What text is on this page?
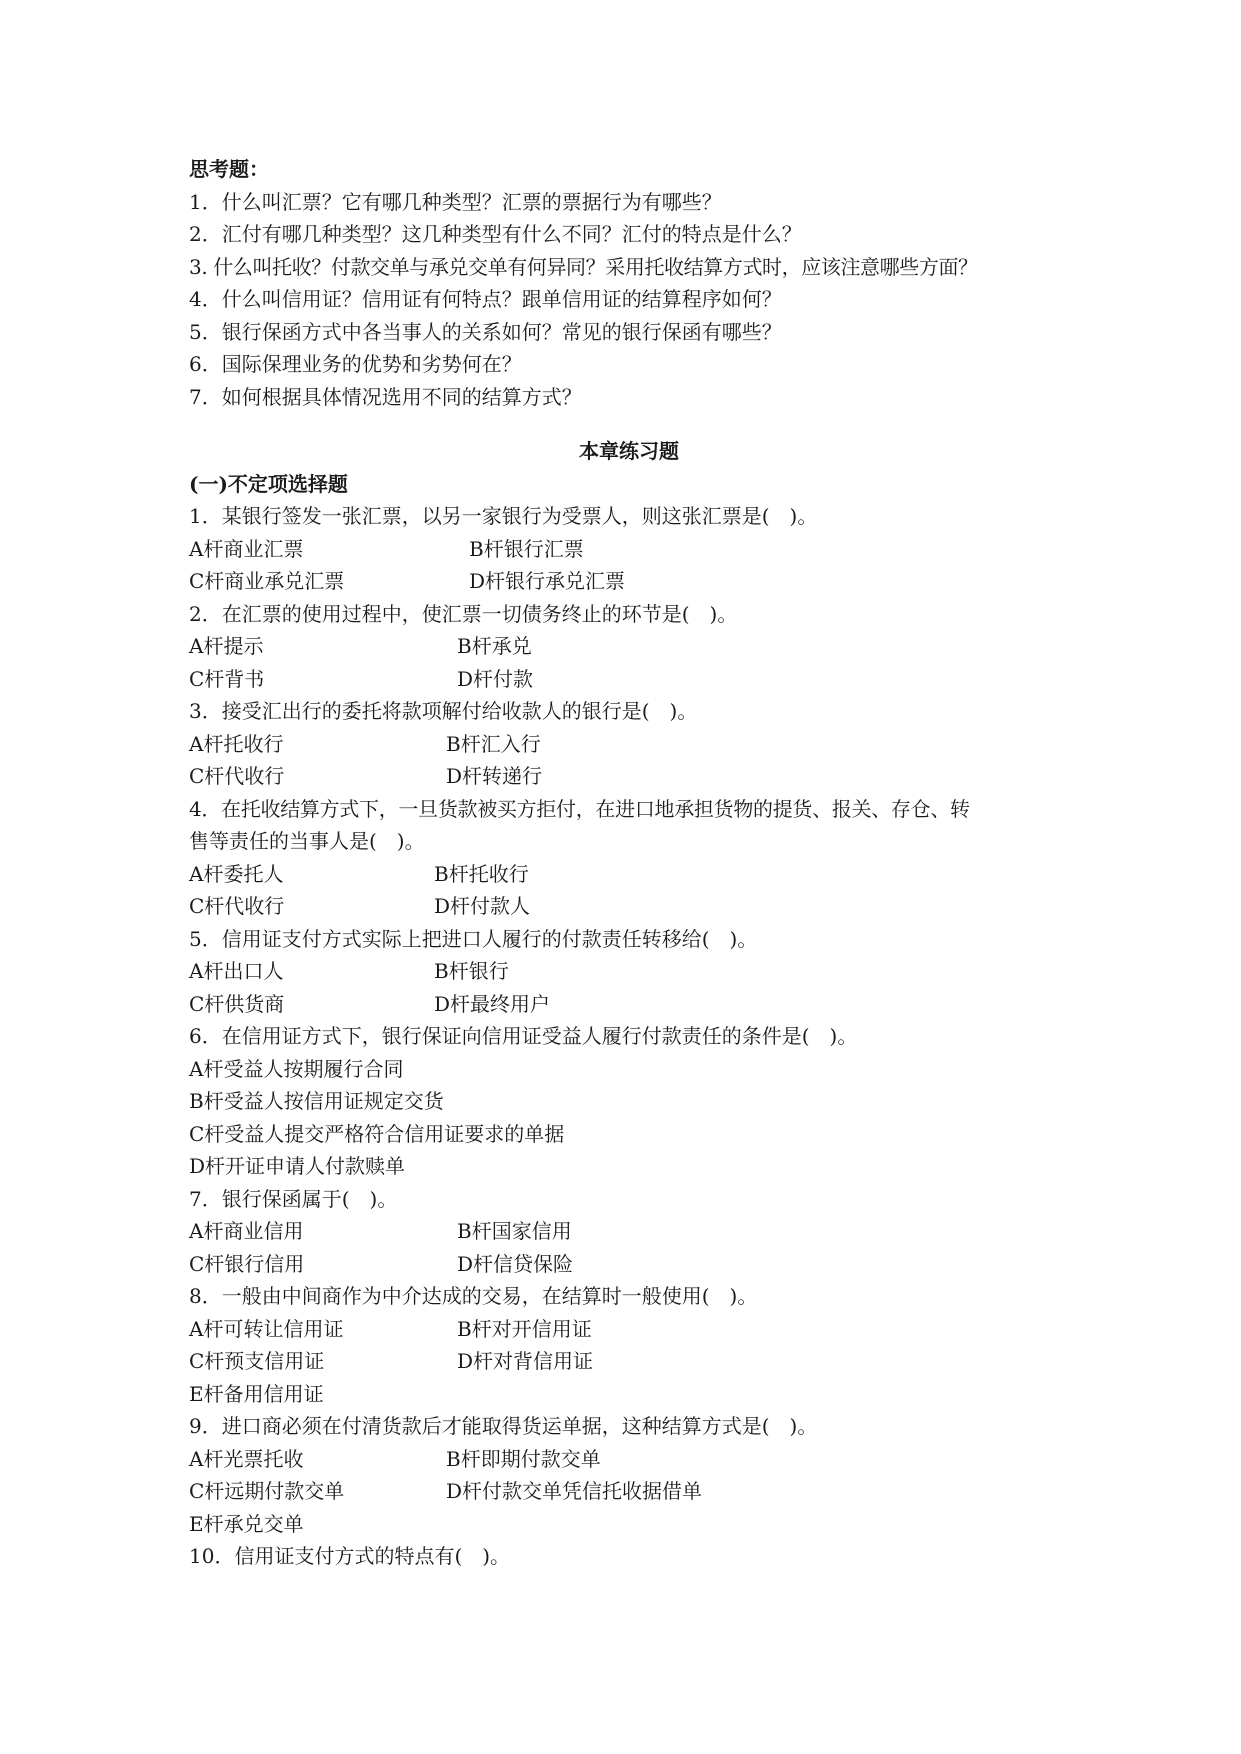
思考题：
1．什么叫汇票？它有哪几种类型？汇票的票据行为有哪些？
2．汇付有哪几种类型？这几种类型有什么不同？汇付的特点是什么？
3. 什么叫托收？付款交单与承兑交单有何异同？采用托收结算方式时，应该注意哪些方面？
4．什么叫信用证？信用证有何特点？跟单信用证的结算程序如何？
5．银行保函方式中各当事人的关系如何？常见的银行保函有哪些？
6．国际保理业务的优势和劣势何在？
7．如何根据具体情况选用不同的结算方式？
本章练习题
(一)不定项选择题
1．某银行签发一张汇票，以另一家银行为受票人，则这张汇票是(　)。
A杆商业汇票	B杆银行汇票
C杆商业承兑汇票	D杆银行承兑汇票
2．在汇票的使用过程中，使汇票一切债务终止的环节是(　)。
A杆提示	B杆承兑
C杆背书	D杆付款
3．接受汇出行的委托将款项解付给收款人的银行是(　)。
A杆托收行	B杆汇入行
C杆代收行	D杆转递行
4．在托收结算方式下，一旦货款被买方拒付，在进口地承担货物的提货、报关、存仓、转
售等责任的当事人是(　)。
A杆委托人	B杆托收行
C杆代收行	D杆付款人
5．信用证支付方式实际上把进口人履行的付款责任转移给(　)。
A杆出口人	B杆银行
C杆供货商	D杆最终用户
6．在信用证方式下，银行保证向信用证受益人履行付款责任的条件是(　)。
A杆受益人按期履行合同
B杆受益人按信用证规定交货
C杆受益人提交严格符合信用证要求的单据
D杆开证申请人付款赎单
7．银行保函属于(　)。
A杆商业信用	B杆国家信用
C杆银行信用	D杆信贷保险
8．一般由中间商作为中介达成的交易，在结算时一般使用(　)。
A杆可转让信用证	B杆对开信用证
C杆预支信用证	D杆对背信用证
E杆备用信用证
9．进口商必须在付清货款后才能取得货运单据，这种结算方式是(　)。
A杆光票托收	B杆即期付款交单
C杆远期付款交单	D杆付款交单凭信托收据借单
E杆承兑交单
10．信用证支付方式的特点有(　)。
